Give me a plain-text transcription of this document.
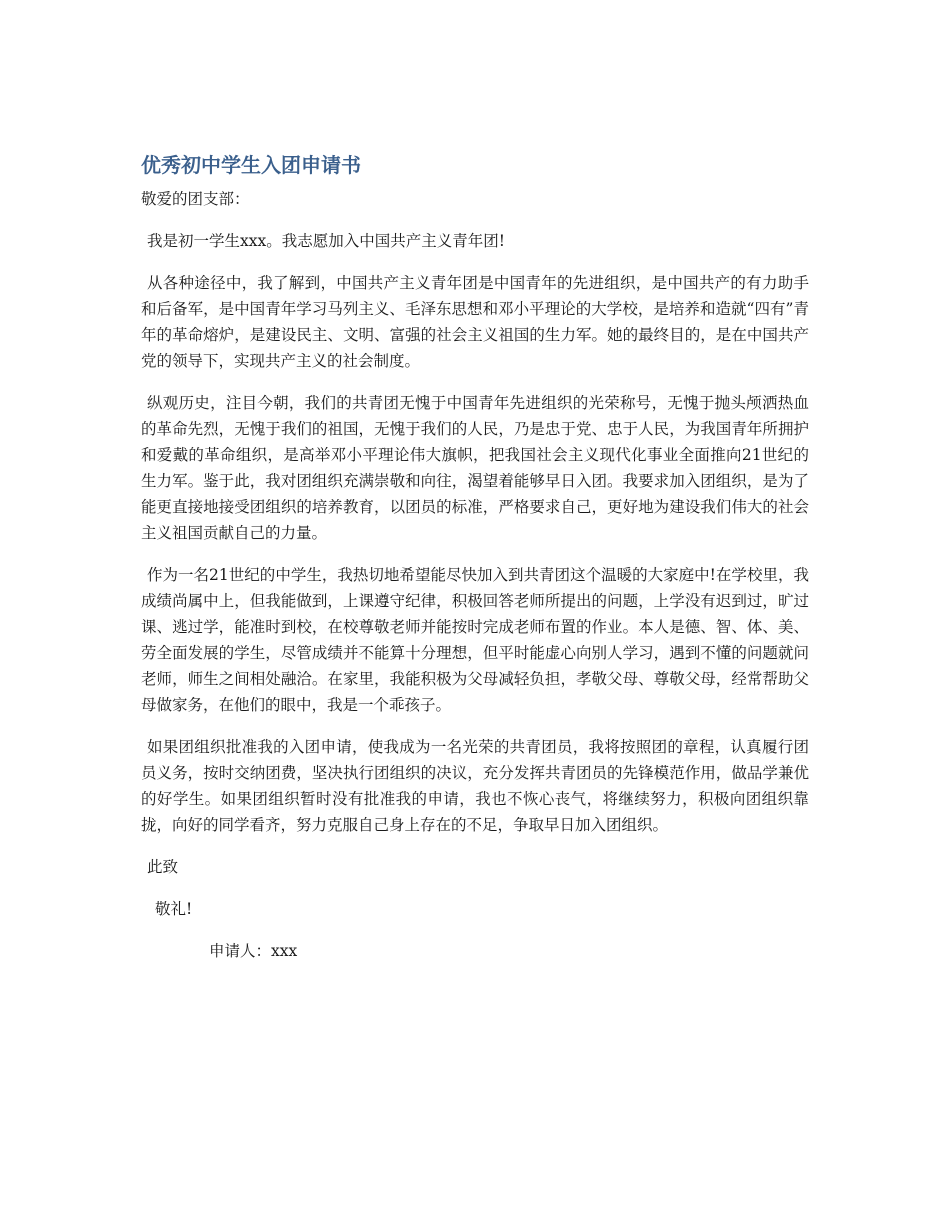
优秀初中学生入团申请书

敬爱的团支部：

我是初一学生xxx。我志愿加入中国共产主义青年团!

从各种途径中，我了解到，中国共产主义青年团是中国青年的先进组织，是中国共产的有力助手和后备军，是中国青年学习马列主义、毛泽东思想和邓小平理论的大学校，是培养和造就“四有”青年的革命熔炉，是建设民主、文明、富强的社会主义祖国的生力军。她的最终目的，是在中国共产党的领导下，实现共产主义的社会制度。

纵观历史，注目今朝，我们的共青团无愧于中国青年先进组织的光荣称号，无愧于抛头颅洒热血的革命先烈，无愧于我们的祖国，无愧于我们的人民，乃是忠于党、忠于人民，为我国青年所拥护和爱戴的革命组织，是高举邓小平理论伟大旗帜，把我国社会主义现代化事业全面推向21世纪的生力军。鉴于此，我对团组织充满崇敬和向往，渴望着能够早日入团。我要求加入团组织，是为了能更直接地接受团组织的培养教育，以团员的标准，严格要求自己，更好地为建设我们伟大的社会主义祖国贡献自己的力量。

作为一名21世纪的中学生，我热切地希望能尽快加入到共青团这个温暖的大家庭中!在学校里，我成绩尚属中上，但我能做到，上课遵守纪律，积极回答老师所提出的问题，上学没有迟到过，旷过课、逃过学，能准时到校，在校尊敬老师并能按时完成老师布置的作业。本人是德、智、体、美、劳全面发展的学生，尽管成绩并不能算十分理想，但平时能虚心向别人学习，遇到不懂的问题就问老师，师生之间相处融洽。在家里，我能积极为父母减轻负担，孝敬父母、尊敬父母，经常帮助父母做家务，在他们的眼中，我是一个乖孩子。

如果团组织批准我的入团申请，使我成为一名光荣的共青团员，我将按照团的章程，认真履行团员义务，按时交纳团费，坚决执行团组织的决议，充分发挥共青团员的先锋模范作用，做品学兼优的好学生。如果团组织暂时没有批准我的申请，我也不恢心丧气，将继续努力，积极向团组织靠拢，向好的同学看齐，努力克服自己身上存在的不足，争取早日加入团组织。

此致

敬礼!

申请人：xxx
